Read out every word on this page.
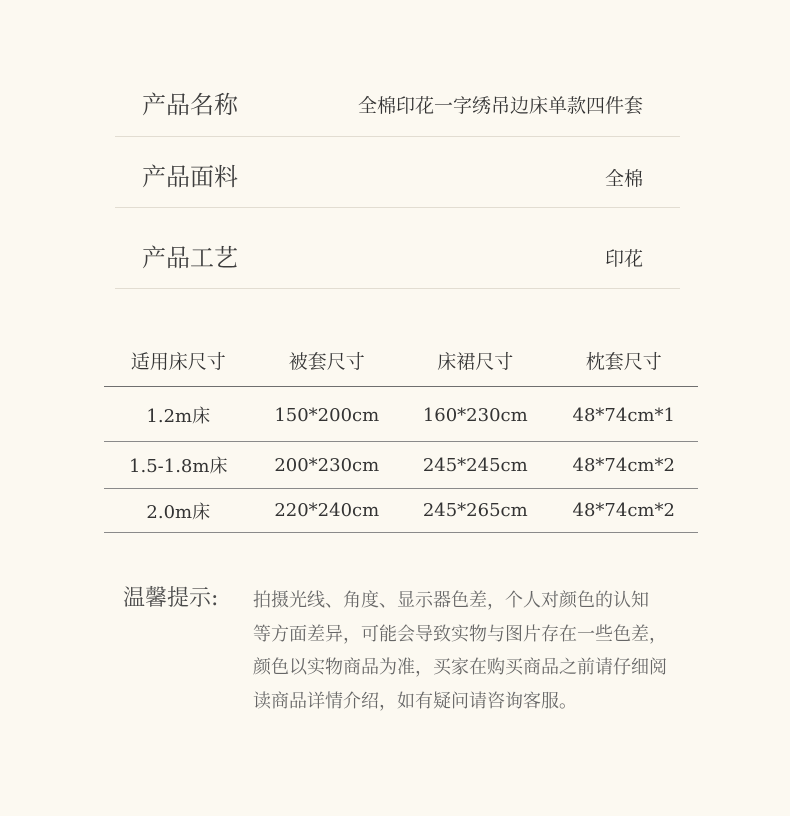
产品名称	全棉印花一字绣吊边床单款四件套
产品面料	全棉
产品工艺	印花
适用床尺寸	被套尺寸	床裙尺寸	枕套尺寸
1.2m床	150*200cm	160*230cm	48*74cm*1
1.5-1.8m床	200*230cm	245*245cm	48*74cm*2
2.0m床	220*240cm	245*265cm	48*74cm*2
温馨提示: 拍摄光线、角度、显示器色差，个人对颜色的认知
等方面差异，可能会导致实物与图片存在一些色差，
颜色以实物商品为准，买家在购买商品之前请仔细阅
读商品详情介绍，如有疑问请咨询客服。
